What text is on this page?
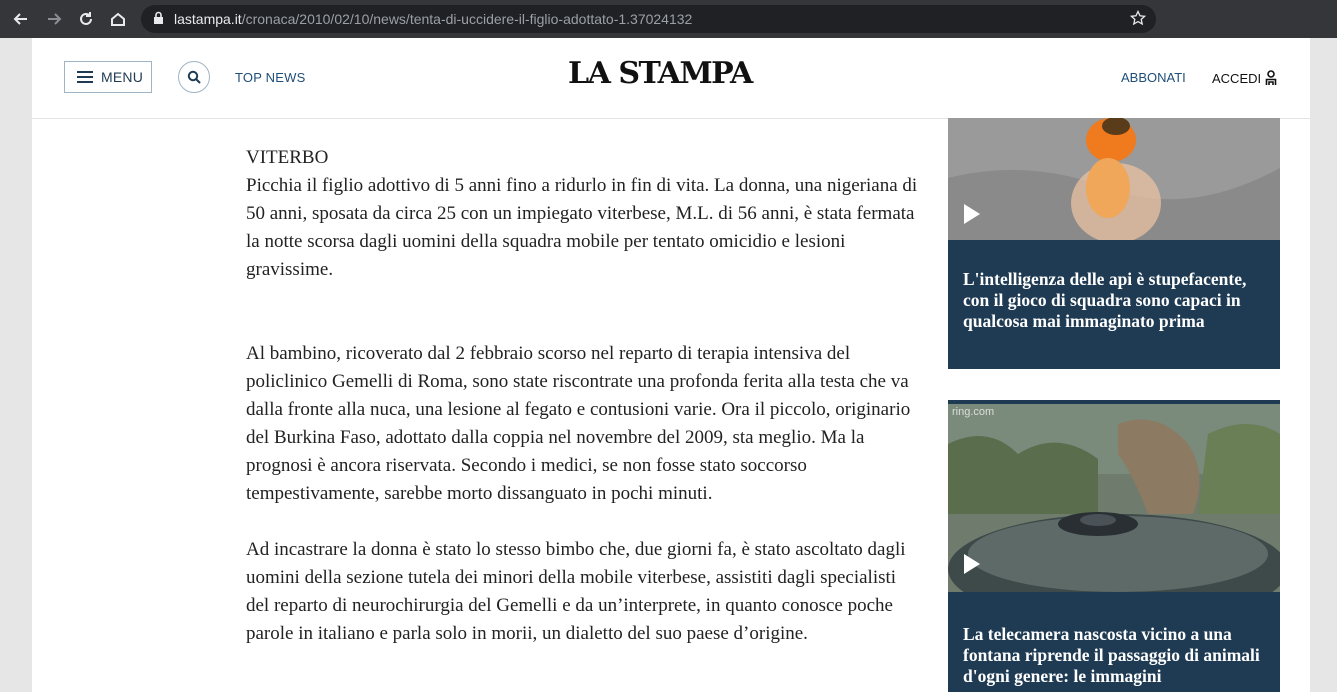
lastampa.it/cronaca/2010/02/10/news/tenta-di-uccidere-il-figlio-adottato-1.37024132
MENU	TOP NEWS	LA STAMPA	ABBONATI ACCEDI

VITERBO

Picchia il figlio adottivo di 5 anni fino a ridurlo in fin di vita. La donna, una nigeriana di 50 anni, sposata da circa 25 con un impiegato viterbese, M.L. di 56 anni, è stata fermata la notte scorsa dagli uomini della squadra mobile per tentato omicidio e lesioni gravissime.

Al bambino, ricoverato dal 2 febbraio scorso nel reparto di terapia intensiva del policlinico Gemelli di Roma, sono state riscontrate una profonda ferita alla testa che va dalla fronte alla nuca, una lesione al fegato e contusioni varie. Ora il piccolo, originario del Burkina Faso, adottato dalla coppia nel novembre del 2009, sta meglio. Ma la prognosi è ancora riservata. Secondo i medici, se non fosse stato soccorso tempestivamente, sarebbe morto dissanguato in pochi minuti.

Ad incastrare la donna è stato lo stesso bimbo che, due giorni fa, è stato ascoltato dagli uomini della sezione tutela dei minori della mobile viterbese, assistiti dagli specialisti del reparto di neurochirurgia del Gemelli e da un’interprete, in quanto conosce poche parole in italiano e parla solo in morii, un dialetto del suo paese d’origine.

L'intelligenza delle api è stupefacente, con il gioco di squadra sono capaci in qualcosa mai immaginato prima
ring.com
La telecamera nascosta vicino a una fontana riprende il passaggio di animali d'ogni genere: le immagini
